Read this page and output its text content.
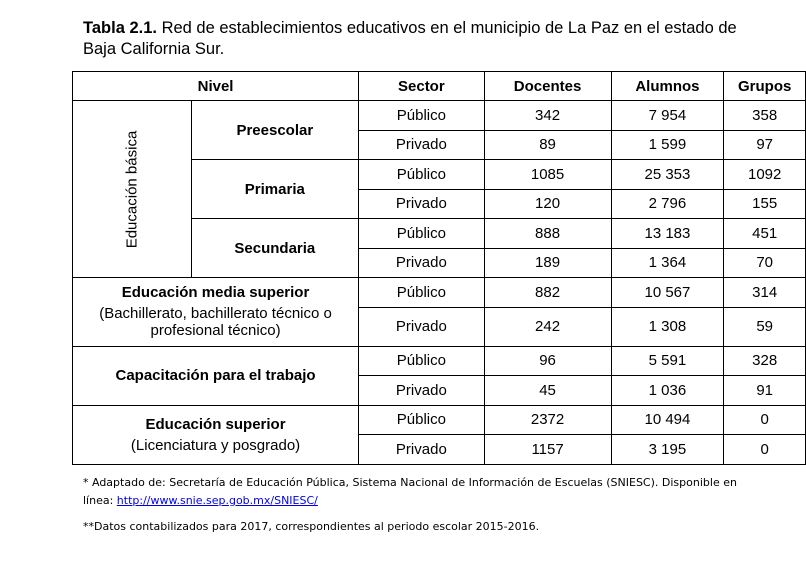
Tabla 2.1. Red de establecimientos educativos en el municipio de La Paz en el estado de Baja California Sur.
Nivel		Sector	Docentes	Alumnos	Grupos

Educación básica	Preescolar	Público	342	7 954	358
		Privado	89	1 599	97
	Primaria	Público	1085	25 353	1092
		Privado	120	2 796	155
	Secundaria	Público	888	13 183	451
		Privado	189	1 364	70
Educación media superior
(Bachillerato, bachillerato técnico o profesional técnico)		Público	882	10 567	314
		Privado	242	1 308	59
Capacitación para el trabajo		Público	96	5 591	328
		Privado	45	1 036	91
Educación superior
(Licenciatura y posgrado)		Público	2372	10 494	0
		Privado	1157	3 195	0
* Adaptado de: Secretaría de Educación Pública, Sistema Nacional de Información de Escuelas (SNIESC). Disponible en línea: http://www.snie.sep.gob.mx/SNIESC/
**Datos contabilizados para 2017, correspondientes al periodo escolar 2015-2016.
